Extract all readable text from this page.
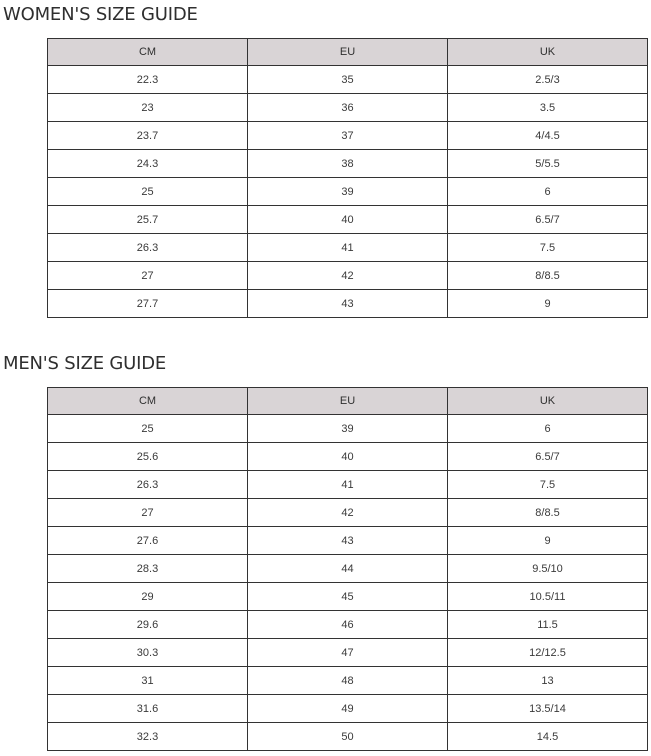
WOMEN'S SIZE GUIDE
CM	EU	UK
22.3	35	2.5/3
23	36	3.5
23.7	37	4/4.5
24.3	38	5/5.5
25	39	6
25.7	40	6.5/7
26.3	41	7.5
27	42	8/8.5
27.7	43	9
MEN'S SIZE GUIDE
CM	EU	UK
25	39	6
25.6	40	6.5/7
26.3	41	7.5
27	42	8/8.5
27.6	43	9
28.3	44	9.5/10
29	45	10.5/11
29.6	46	11.5
30.3	47	12/12.5
31	48	13
31.6	49	13.5/14
32.3	50	14.5
